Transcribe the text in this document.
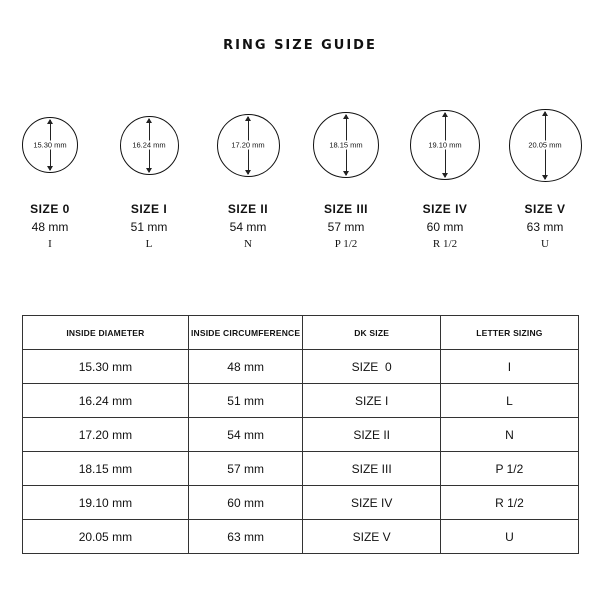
RING SIZE GUIDE
15.30 mm
SIZE 0
48 mm
I
16.24 mm
SIZE I
51 mm
L
17.20 mm
SIZE II
54 mm
N
18.15 mm
SIZE III
57 mm
P 1/2
19.10 mm
SIZE IV
60 mm
R 1/2
20.05 mm
SIZE V
63 mm
U
INSIDE DIAMETER	INSIDE CIRCUMFERENCE	DK SIZE	LETTER SIZING
15.30 mm	48 mm	SIZE  0	I
16.24 mm	51 mm	SIZE I	L
17.20 mm	54 mm	SIZE II	N
18.15 mm	57 mm	SIZE III	P 1/2
19.10 mm	60 mm	SIZE IV	R 1/2
20.05 mm	63 mm	SIZE V	U
